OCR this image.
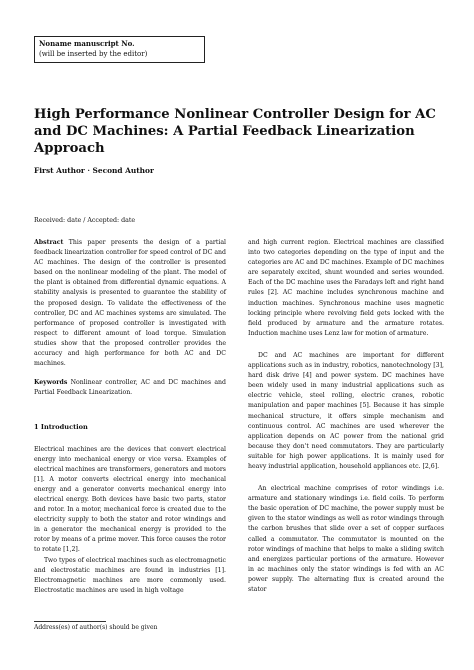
Noname manuscript No.
(will be inserted by the editor)
High Performance Nonlinear Controller Design for AC and DC Machines: A Partial Feedback Linearization Approach
First Author · Second Author
Received: date / Accepted: date

Abstract This paper presents the design of a partial feedback linearization controller for speed control of DC and AC machines. The design of the controller is presented based on the nonlinear modeling of the plant. The model of the plant is obtained from differential dynamic equations. A stability analysis is presented to guarantee the stability of the proposed design. To validate the effectiveness of the controller, DC and AC machines systems are simulated. The performance of proposed controller is investigated with respect to different amount of load torque. Simulation studies show that the proposed controller provides the accuracy and high performance for both AC and DC machines.

Keywords Nonlinear controller, AC and DC machines and Partial Feedback Linearization.

1 Introduction

Electrical machines are the devices that convert electrical energy into mechanical energy or vice versa. Examples of electrical machines are transformers, generators and motors [1]. A motor converts electrical energy into mechanical energy and a generator converts mechanical energy into electrical energy. Both devices have basic two parts, stator and rotor. In a motor, mechanical force is created due to the electricity supply to both the stator and rotor windings and in a generator the mechanical energy is provided to the rotor by means of a prime mover. This force causes the rotor to rotate [1,2].

Two types of electrical machines such as electromagnetic and electrostatic machines are found in industries [1]. Electromagnetic machines are more commonly used. Electrostatic machines are used in high voltage

and high current region. Electrical machines are classified into two categories depending on the type of input and the categories are AC and DC machines. Example of DC machines are separately excited, shunt wounded and series wounded. Each of the DC machine uses the Faradays left and right hand rules [2]. AC machine includes synchronous machine and induction machines. Synchronous machine uses magnetic locking principle where revolving field gets locked with the field produced by armature and the armature rotates. Induction machine uses Lenz law for motion of armature.

DC and AC machines are important for different applications such as in industry, robotics, nanotechnology [3], hard disk drive [4] and power system. DC machines have been widely used in many industrial applications such as electric vehicle, steel rolling, electric cranes, robotic manipulation and paper machines [5]. Because it has simple mechanical structure, it offers simple mechanism and continuous control. AC machines are used wherever the application depends on AC power from the national grid because they don't need commutators. They are particularly suitable for high power applications. It is mainly used for heavy industrial application, household appliances etc. [2,6].

An electrical machine comprises of rotor windings i.e. armature and stationary windings i.e. field coils. To perform the basic operation of DC machine, the power supply must be given to the stator windings as well as rotor windings through the carbon brushes that slide over a set of copper surfaces called a commutator. The commutator is mounted on the rotor windings of machine that helps to make a sliding switch and energizes particular portions of the armature. However in ac machines only the stator windings is fed with an AC power supply. The alternating flux is created around the stator

Address(es) of author(s) should be given
